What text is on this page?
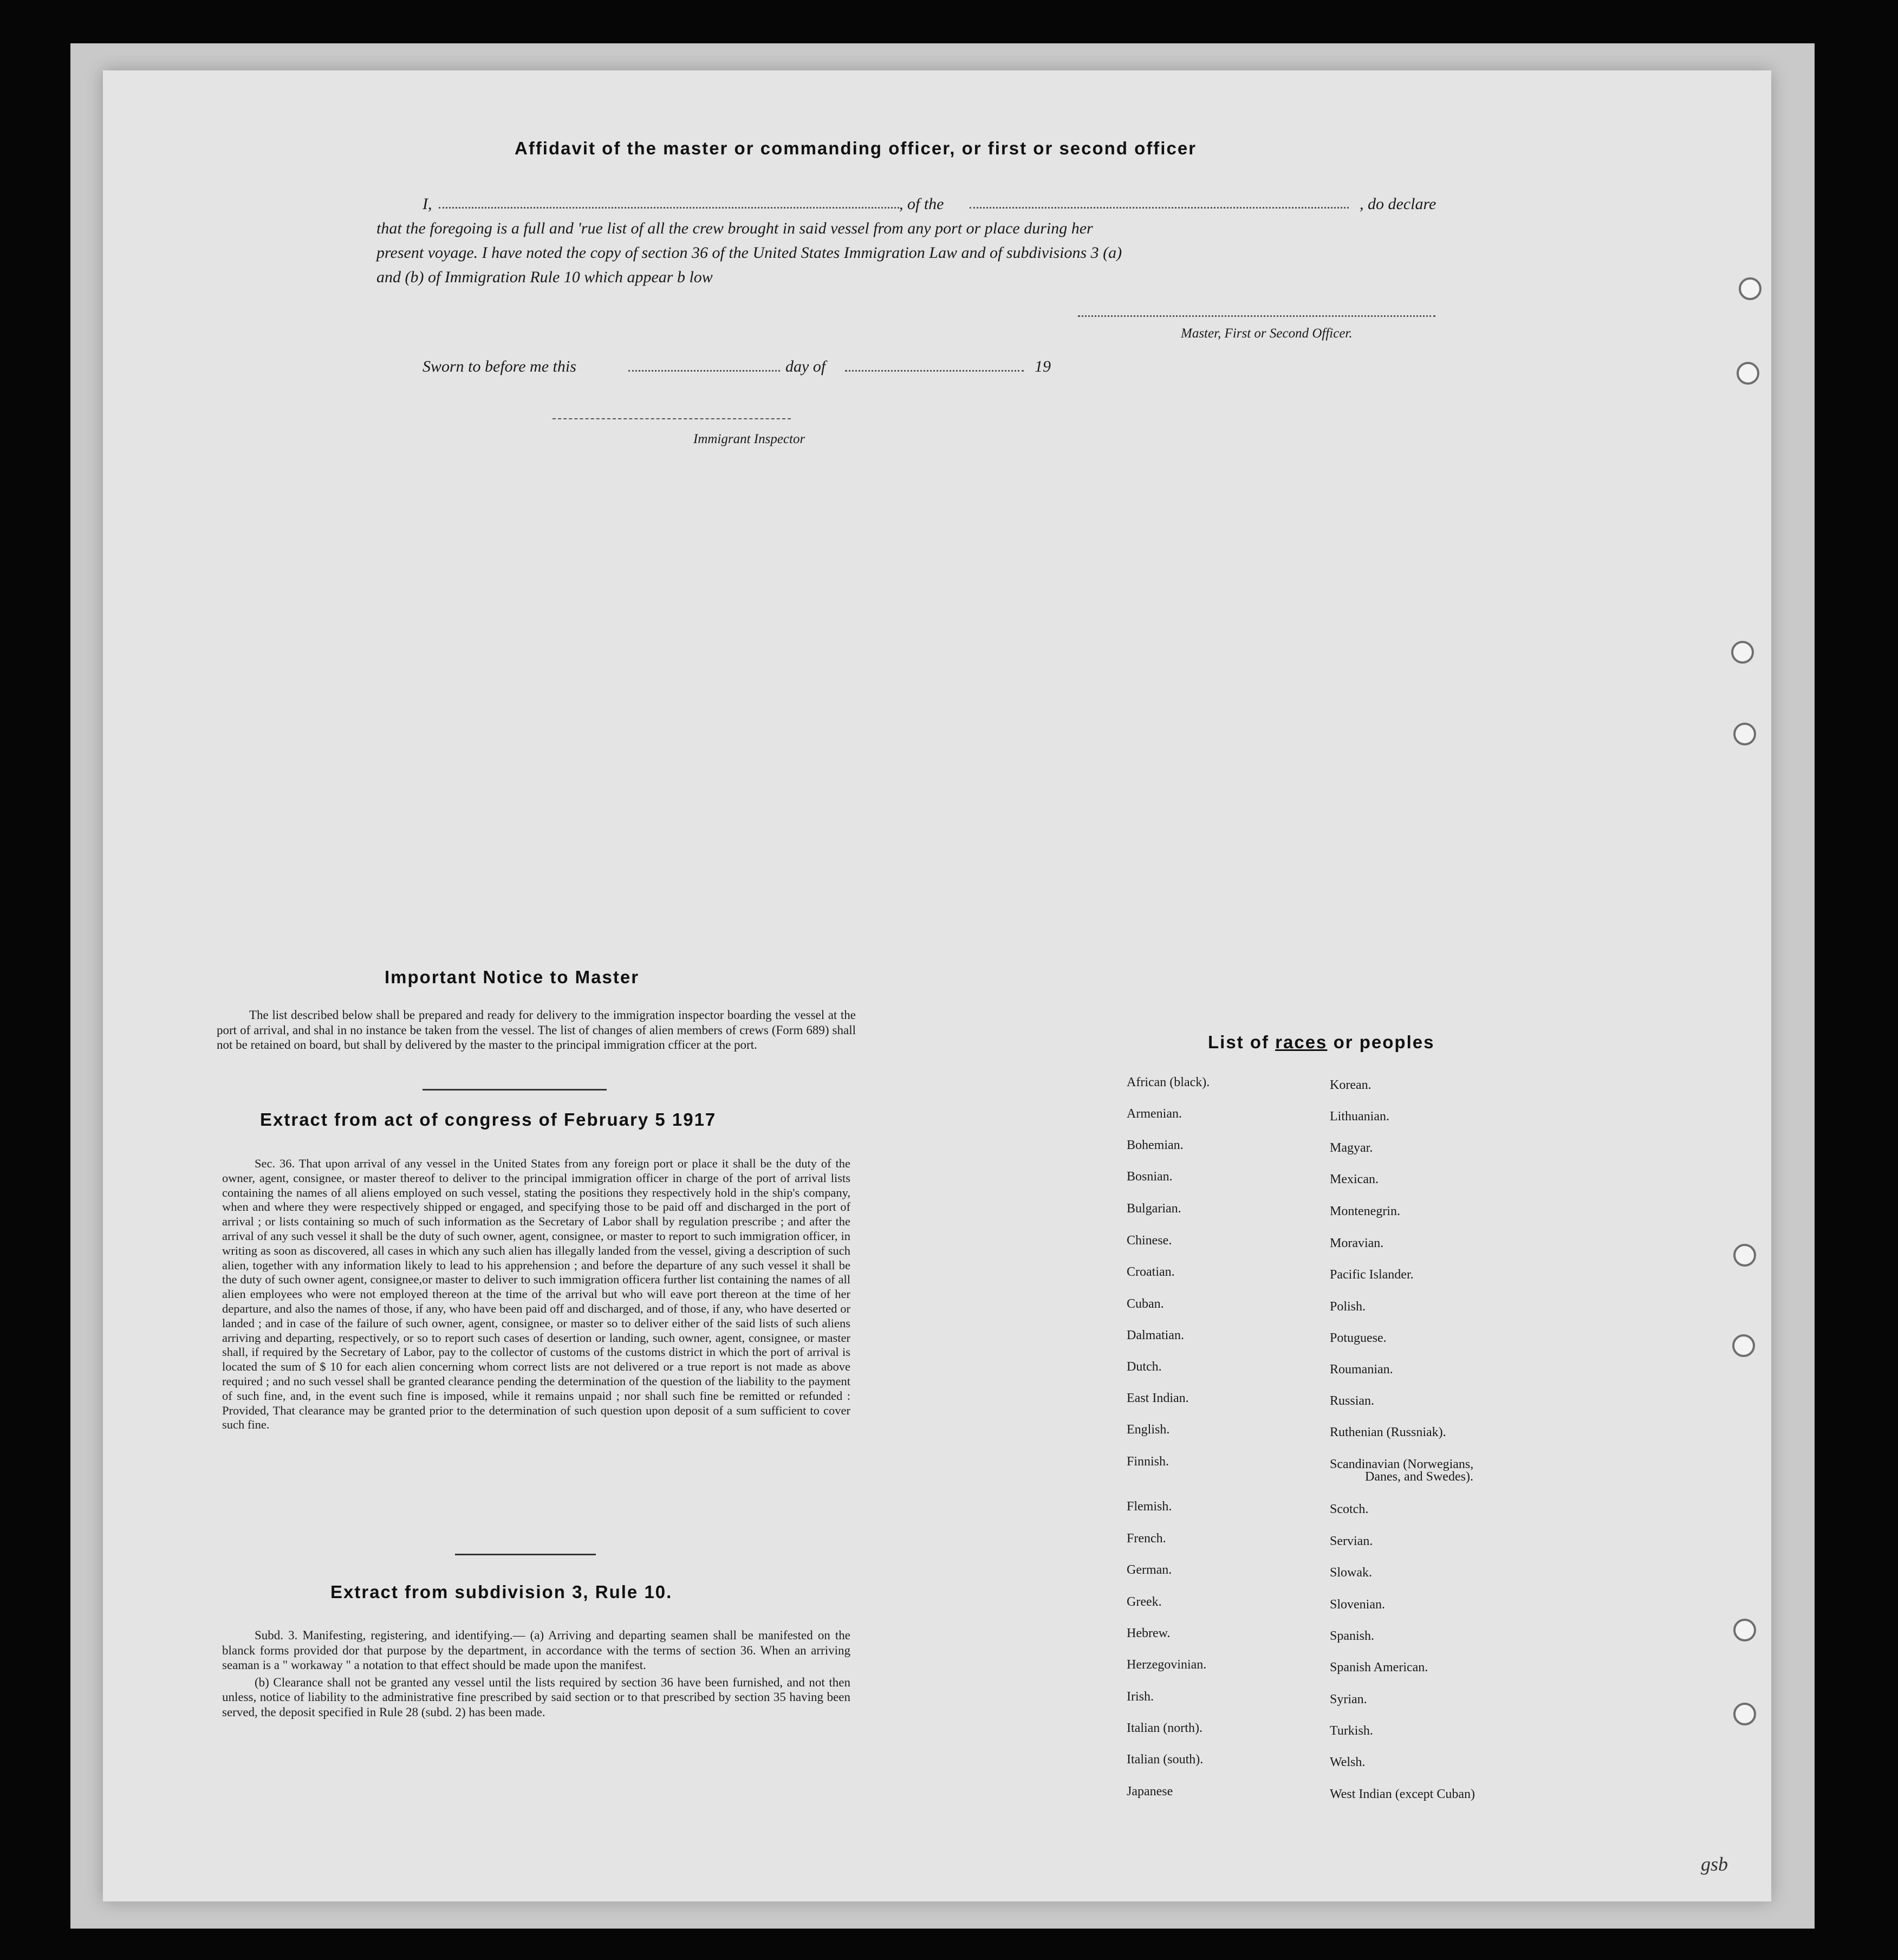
Affidavit of the master or commanding officer, or first or second officer
I,	, of the	, do declare
that the foregoing is a full and 'rue list of all the crew brought in said vessel from any port or place during her
present voyage. I have noted the copy of section 36 of the United States Immigration Law and of subdivisions 3 (a)
and (b) of Immigration Rule 10 which appear b low
Master, First or Second Officer.
Sworn to before me this	day of	19
Immigrant Inspector
Important Notice to Master

The list described below shall be prepared and ready for delivery to the immigration inspector boarding the vessel at the port of arrival, and shal in no instance be taken from the vessel. The list of changes of alien members of crews (Form 689) shall not be retained on board, but shall by delivered by the master to the principal immigration cfficer at the port.

Extract from act of congress of February 5 1917

Sec. 36. That upon arrival of any vessel in the United States from any foreign port or place it shall be the duty of the owner, agent, consignee, or master thereof to deliver to the principal immigration officer in charge of the port of arrival lists containing the names of all aliens employed on such vessel, stating the positions they respectively hold in the ship's company, when and where they were respectively shipped or engaged, and specifying those to be paid off and discharged in the port of arrival ; or lists containing so much of such information as the Secretary of Labor shall by regulation prescribe ; and after the arrival of any such vessel it shall be the duty of such owner, agent, consignee, or master to report to such immigration officer, in writing as soon as discovered, all cases in which any such alien has illegally landed from the vessel, giving a description of such alien, together with any information likely to lead to his apprehension ; and before the departure of any such vessel it shall be the duty of such owner agent, consignee,or master to deliver to such immigration officera further list containing the names of all alien employees who were not employed thereon at the time of the arrival but who will eave port thereon at the time of her departure, and also the names of those, if any, who have been paid off and discharged, and of those, if any, who have deserted or landed ; and in case of the failure of such owner, agent, consignee, or master so to deliver either of the said lists of such aliens arriving and departing, respectively, or so to report such cases of desertion or landing, such owner, agent, consignee, or master shall, if required by the Secretary of Labor, pay to the collector of customs of the customs district in which the port of arrival is located the sum of $ 10 for each alien concerning whom correct lists are not delivered or a true report is not made as above required ; and no such vessel shall be granted clearance pending the determination of the question of the liability to the payment of such fine, and, in the event such fine is imposed, while it remains unpaid ; nor shall such fine be remitted or refunded : Provided, That clearance may be granted prior to the determination of such question upon deposit of a sum sufficient to cover such fine.

Extract from subdivision 3, Rule 10.

Subd. 3. Manifesting, registering, and identifying.— (a) Arriving and departing seamen shall be manifested on the blanck forms provided dor that purpose by the department, in accordance with the terms of section 36. When an arriving seaman is a " workaway " a notation to that effect should be made upon the manifest.

(b) Clearance shall not be granted any vessel until the lists required by section 36 have been furnished, and not then unless, notice of liability to the administrative fine prescribed by said section or to that prescribed by section 35 having been served, the deposit specified in Rule 28 (subd. 2) has been made.

List of races or peoples
African (black).
Armenian.
Bohemian.
Bosnian.
Bulgarian.
Chinese.
Croatian.
Cuban.
Dalmatian.
Dutch.
East Indian.
English.
Finnish.
Flemish.
French.
German.
Greek.
Hebrew.
Herzegovinian.
Irish.
Italian (north).
Italian (south).
Japanese
Korean.
Lithuanian.
Magyar.
Mexican.
Montenegrin.
Moravian.
Pacific Islander.
Polish.
Potuguese.
Roumanian.
Russian.
Ruthenian (Russniak).
Scandinavian (Norwegians,
Scotch.
Servian.
Slowak.
Slovenian.
Spanish.
Spanish American.
Syrian.
Turkish.
Welsh.
West Indian (except Cuban)
Danes, and Swedes).
gsb
